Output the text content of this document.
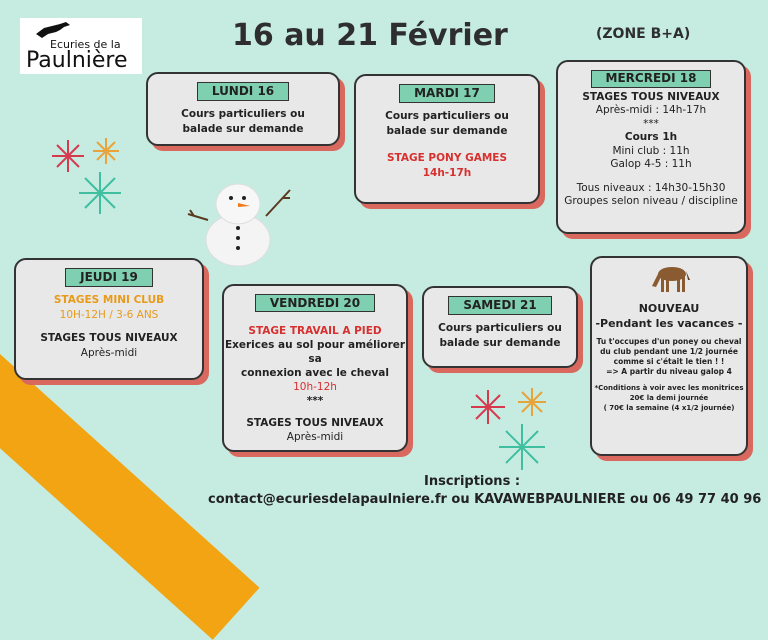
Ecuries de la
Paulnière
16 au 21 Février	(ZONE B+A)
LUNDI 16
Cours particuliers ou
balade sur demande
MARDI 17
Cours particuliers ou
balade sur demande
STAGE PONY GAMES
14h-17h
MERCREDI 18
STAGES TOUS NIVEAUX
Après-midi : 14h-17h
***
Cours 1h
Mini club : 11h
Galop 4-5 : 11h
Tous niveaux : 14h30-15h30
Groupes selon niveau / discipline
JEUDI 19
STAGES MINI CLUB
10H-12H / 3-6 ANS
STAGES TOUS NIVEAUX
Après-midi
VENDREDI 20
STAGE TRAVAIL A PIED
Exerices au sol pour améliorer sa
connexion avec le cheval
10h-12h
***
STAGES TOUS NIVEAUX
Après-midi
SAMEDI 21
Cours particuliers ou
balade sur demande
NOUVEAU
-Pendant les vacances -
Tu t'occupes d'un poney ou cheval
du club pendant une 1/2 journée
comme si c'était le tien ! !
=> A partir du niveau galop 4
*Conditions à voir avec les monitrices
20€ la demi journée
( 70€ la semaine (4 x1/2 journée)
Inscriptions :
contact@ecuriesdelapaulniere.fr ou KAVAWEBPAULNIERE ou 06 49 77 40 96
